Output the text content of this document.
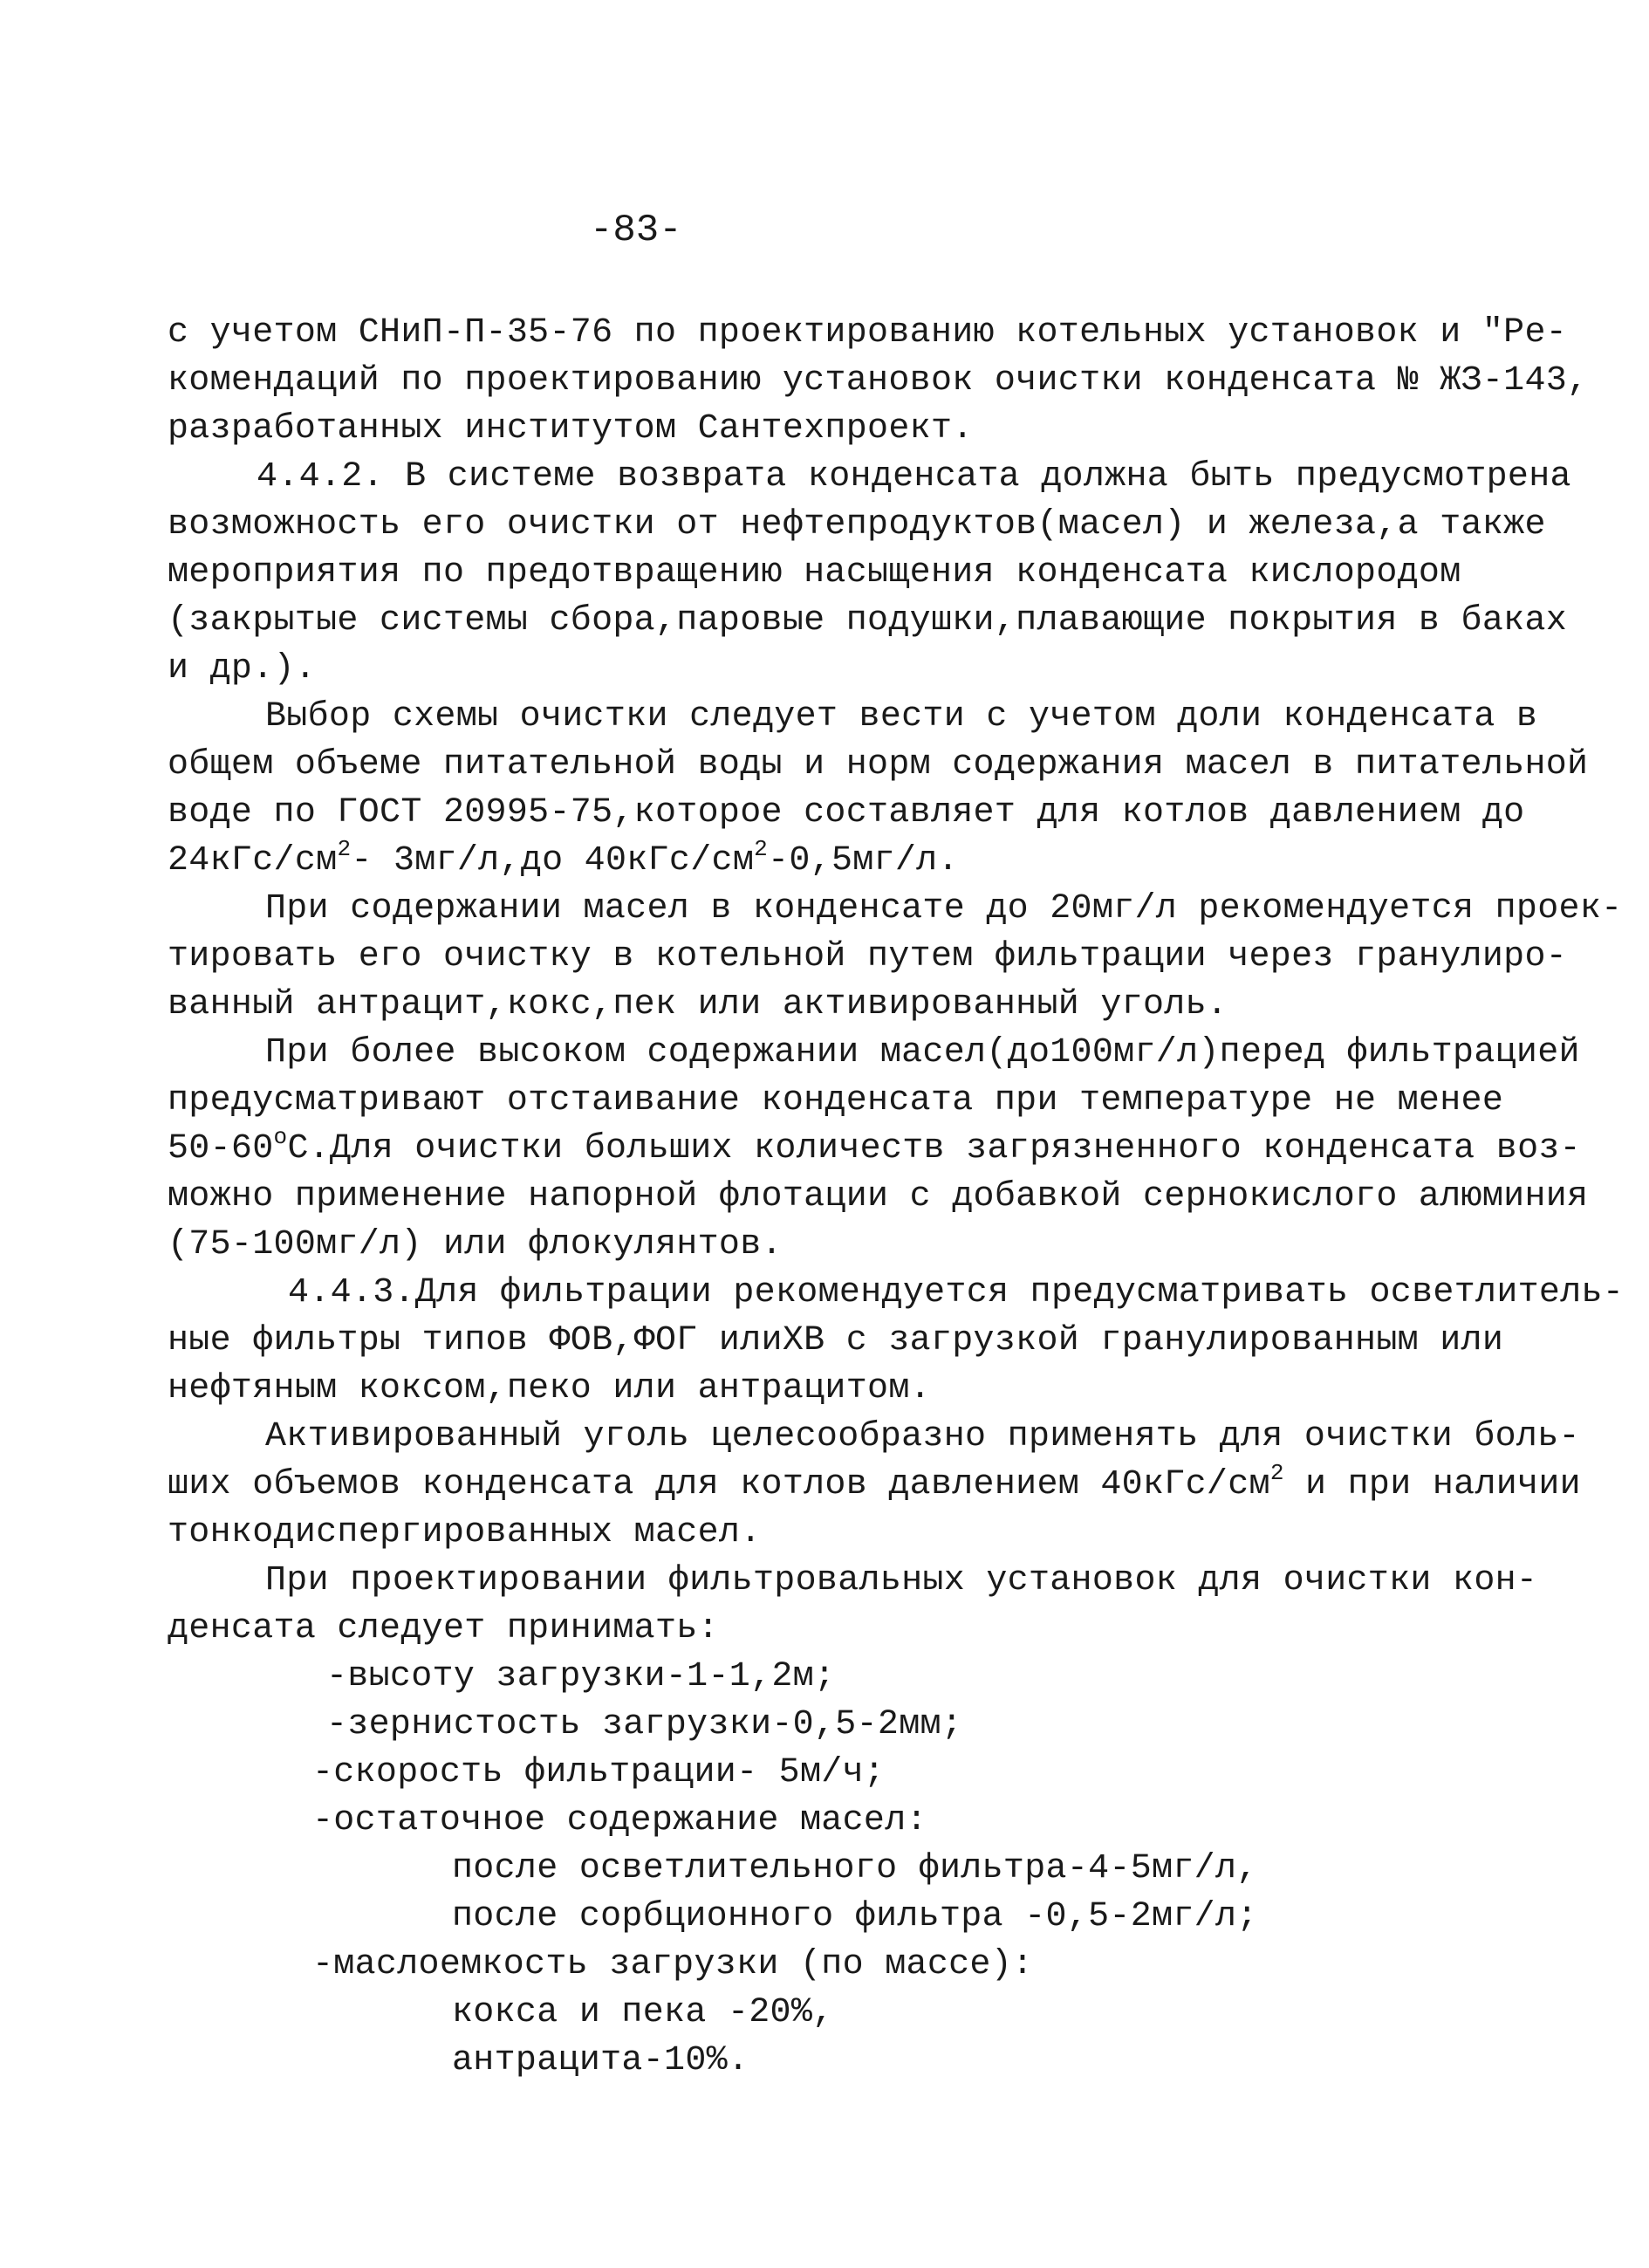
-83-
с учетом СНиП-П-35-76 по проектированию котельных установок и "Ре-
комендаций по проектированию установок очистки конденсата № ЖЗ-143,
разработанных институтом Сантехпроект.
4.4.2. В системе возврата конденсата должна быть предусмотрена
возможность его очистки от нефтепродуктов(масел) и железа,а также
мероприятия по предотвращению насыщения конденсата кислородом
(закрытые системы сбора,паровые подушки,плавающие покрытия в баках
и др.).
Выбор схемы очистки следует вести с учетом доли конденсата в
общем объеме питательной воды и норм содержания масел в питательной
воде по ГОСТ 20995-75,которое составляет для котлов давлением до
$24кГс/см^2-$ 3мг/л,до $40кГс/см^2-0,5мг/л$.
При содержании масел в конденсате до 20мг/л рекомендуется проек-
тировать его очистку в котельной путем фильтрации через гранулиро-
ванный антрацит,кокс,пек или активированный уголь.
При более высоком содержании масел(до100мг/л)перед фильтрацией
предусматривают отстаивание конденсата при температуре не менее
$50-60^оС.Для$ очистки больших количеств загрязненного конденсата воз-
можно применение напорной флотации с добавкой сернокислого алюминия
(75-100мг/л) или флокулянтов.
4.4.3.Для фильтрации рекомендуется предусматривать осветлитель-
ные фильтры типов ФОВ,ФОГ илиХВ с загрузкой гранулированным или
нефтяным коксом,пеко или антрацитом.
Активированный уголь целесообразно применять для очистки боль-
ших объемов конденсата для котлов давлением $40кГс/см^2$ и при наличии
тонкодиспергированных масел.
При проектировании фильтровальных установок для очистки кон-
денсата следует принимать:
-высоту загрузки-1-1,2м;
-зернистость загрузки-0,5-2мм;
-скорость фильтрации- 5м/ч;
-остаточное содержание масел:
после осветлительного фильтра-4-5мг/л,
после сорбционного фильтра -0,5-2мг/л;
-маслоемкость загрузки (по массе):
кокса и пека -20%,
антрацита-10%.
